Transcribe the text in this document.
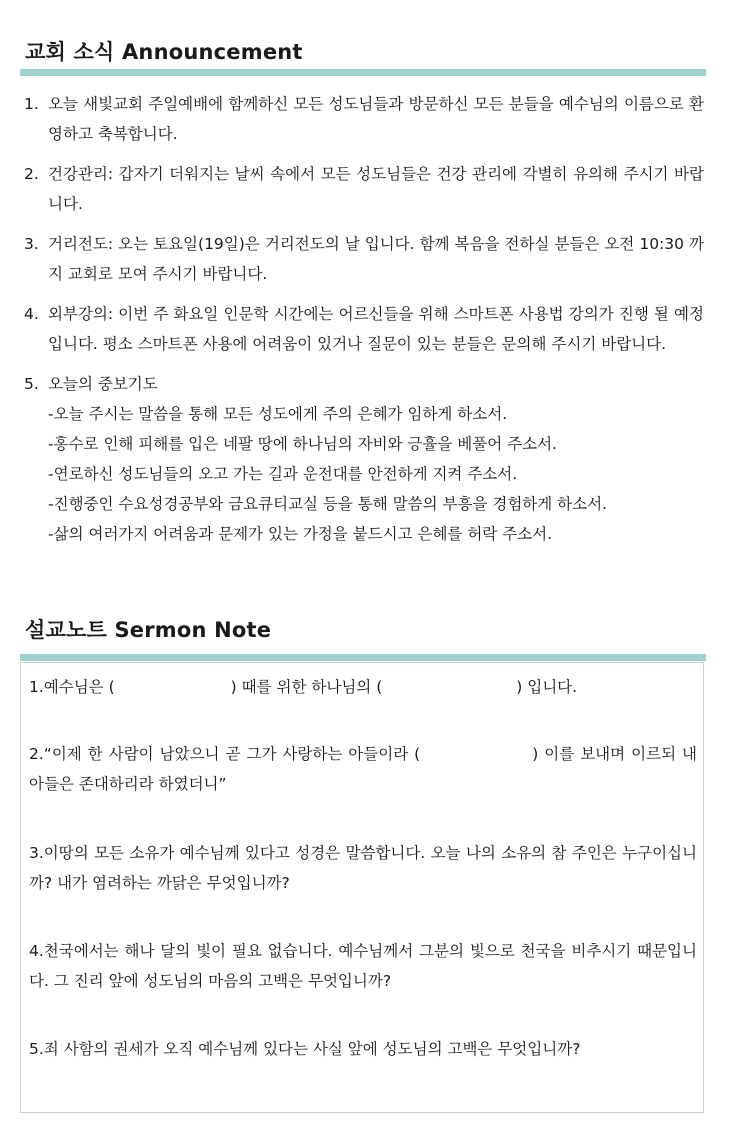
교회 소식 Announcement
1. 오늘 새빛교회 주일예배에 함께하신 모든 성도님들과 방문하신 모든 분들을 예수님의 이름으로 환영하고 축복합니다.
2. 건강관리: 갑자기 더워지는 날씨 속에서 모든 성도님들은 건강 관리에 각별히 유의해 주시기 바랍니다.
3. 거리전도: 오는 토요일(19일)은 거리전도의 날 입니다. 함께 복음을 전하실 분들은 오전 10:30 까지 교회로 모여 주시기 바랍니다.
4. 외부강의: 이번 주 화요일 인문학 시간에는 어르신들을 위해 스마트폰 사용법 강의가 진행 될 예정 입니다. 평소 스마트폰 사용에 어려움이 있거나 질문이 있는 분들은 문의해 주시기 바랍니다.
5. 오늘의 중보기도
-오늘 주시는 말씀을 통해 모든 성도에게 주의 은혜가 임하게 하소서.
-홍수로 인해 피해를 입은 네팔 땅에 하나님의 자비와 긍휼을 베풀어 주소서.
-연로하신 성도님들의 오고 가는 길과 운전대를 안전하게 지켜 주소서.
-진행중인 수요성경공부와 금요큐티교실 등을 통해 말씀의 부흥을 경험하게 하소서.
-삶의 여러가지 어려움과 문제가 있는 가정을 붙드시고 은혜를 허락 주소서.
설교노트 Sermon Note

1.예수님은 (	) 때를 위한 하나님의 (	) 입니다.

2.“이제 한 사람이 남았으니 곧 그가 사랑하는 아들이라 (	) 이를 보내며 이르되 내 아들은 존대하리라 하였더니”

3.이땅의 모든 소유가 예수님께 있다고 성경은 말씀합니다. 오늘 나의 소유의 참 주인은 누구이십니까? 내가 염려하는 까닭은 무엇입니까?

4.천국에서는 해나 달의 빛이 필요 없습니다. 예수님께서 그분의 빛으로 천국을 비추시기 때문입니다. 그 진리 앞에 성도님의 마음의 고백은 무엇입니까?

5.죄 사함의 권세가 오직 예수님께 있다는 사실 앞에 성도님의 고백은 무엇입니까?
